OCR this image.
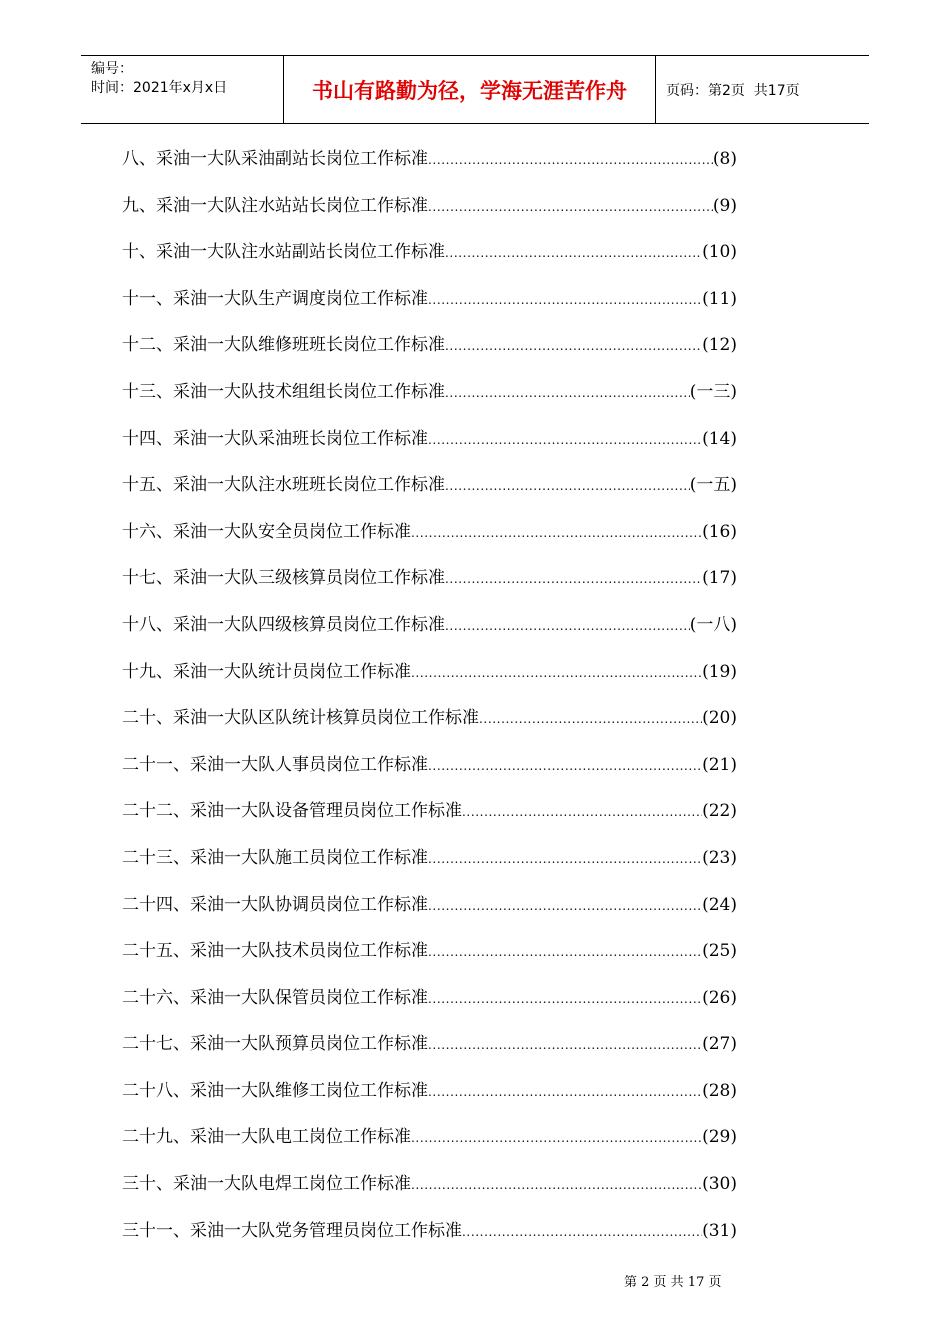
编号：
时间：2021年x月x日	书山有路勤为径，学海无涯苦作舟	页码：第2页  共17页
八、采油一大队采油副站长岗位工作标准 .....	(8)
九、采油一大队注水站站长岗位工作标准 .....	(9)
十、采油一大队注水站副站长岗位工作标准 .....	(10)
十一、采油一大队生产调度岗位工作标准 .....	(11)
十二、采油一大队维修班班长岗位工作标准 .....	(12)
十三、采油一大队技术组组长岗位工作标准 .....	(一三)
十四、采油一大队采油班长岗位工作标准 .....	(14)
十五、采油一大队注水班班长岗位工作标准 .....	(一五)
十六、采油一大队安全员岗位工作标准 .....	(16)
十七、采油一大队三级核算员岗位工作标准 .....	(17)
十八、采油一大队四级核算员岗位工作标准 .....	(一八)
十九、采油一大队统计员岗位工作标准 .....	(19)
二十、采油一大队区队统计核算员岗位工作标准 .....	(20)
二十一、采油一大队人事员岗位工作标准 .....	(21)
二十二、采油一大队设备管理员岗位工作标准 .....	(22)
二十三、采油一大队施工员岗位工作标准 .....	(23)
二十四、采油一大队协调员岗位工作标准 .....	(24)
二十五、采油一大队技术员岗位工作标准 .....	(25)
二十六、采油一大队保管员岗位工作标准 .....	(26)
二十七、采油一大队预算员岗位工作标准 .....	(27)
二十八、采油一大队维修工岗位工作标准 .....	(28)
二十九、采油一大队电工岗位工作标准 .....	(29)
三十、采油一大队电焊工岗位工作标准 .....	(30)
三十一、采油一大队党务管理员岗位工作标准 .....	(31)
第 2 页 共 17 页
